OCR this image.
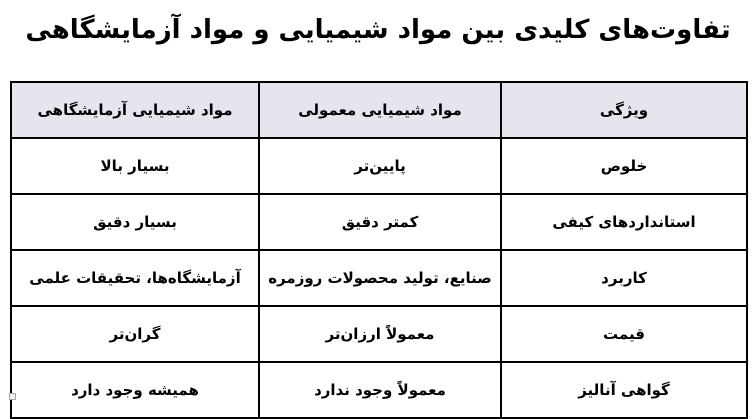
تفاوت‌های کلیدی بین مواد شیمیایی و مواد آزمایشگاهی
ویژگی	مواد شیمیایی معمولی	مواد شیمیایی آزمایشگاهی
خلوص	پایین‌تر	بسیار بالا
استانداردهای کیفی	کمتر دقیق	بسیار دقیق
کاربرد	صنایع، تولید محصولات روزمره	آزمایشگاه‌ها، تحقیقات علمی
قیمت	معمولاً ارزان‌تر	گران‌تر
گواهی آنالیز	معمولاً وجود ندارد	همیشه وجود دارد
